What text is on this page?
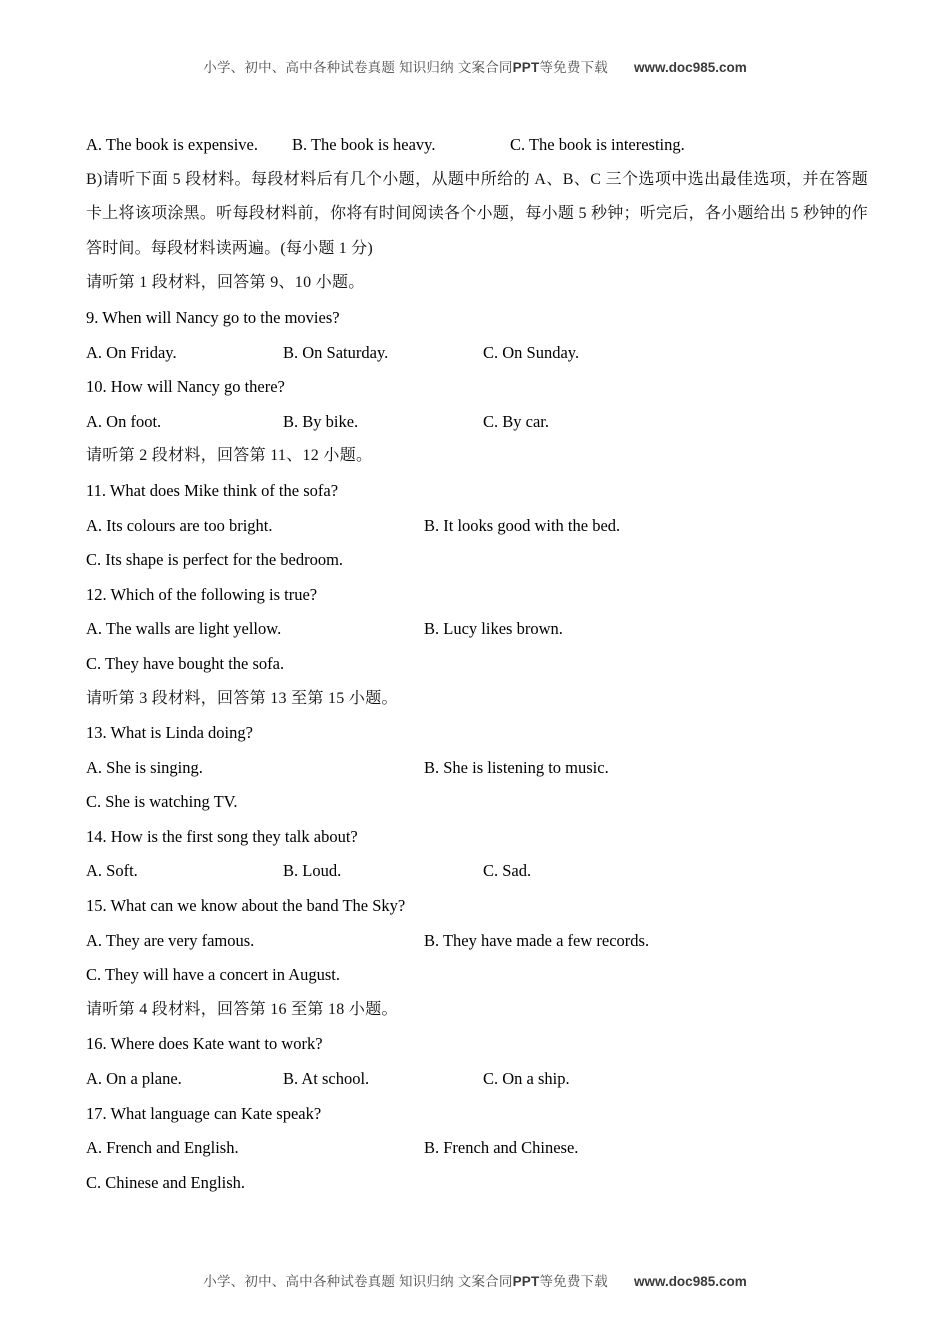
小学、初中、高中各种试卷真题 知识归纳 文案合同PPT等免费下载 www.doc985.com
A. The book is expensive. B. The book is heavy.	C. The book is interesting.
B)请听下面 5 段材料。每段材料后有几个小题，从题中所给的 A、B、C 三个选项中选出最佳选项，并在答题卡上将该项涂黑。听每段材料前，你将有时间阅读各个小题，每小题 5 秒钟；听完后，各小题给出 5 秒钟的作答时间。每段材料读两遍。(每小题 1 分)
请听第 1 段材料，回答第 9、10 小题。
9. When will Nancy go to the movies?
A. On Friday.	B. On Saturday.	C. On Sunday.
10. How will Nancy go there?
A. On foot.	B. By bike.	C. By car.
请听第 2 段材料，回答第 11、12 小题。
11. What does Mike think of the sofa?
A. Its colours are too bright.	B. It looks good with the bed.
C. Its shape is perfect for the bedroom.
12. Which of the following is true?
A. The walls are light yellow.	B. Lucy likes brown.
C. They have bought the sofa.
请听第 3 段材料，回答第 13 至第 15 小题。
13. What is Linda doing?
A. She is singing.	B. She is listening to music.
C. She is watching TV.
14. How is the first song they talk about?
A. Soft.	B. Loud.	C. Sad.
15. What can we know about the band The Sky?
A. They are very famous.	B. They have made a few records.
C. They will have a concert in August.
请听第 4 段材料，回答第 16 至第 18 小题。
16. Where does Kate want to work?
A. On a plane.	B. At school.	C. On a ship.
17. What language can Kate speak?
A. French and English.	B. French and Chinese.
C. Chinese and English.
小学、初中、高中各种试卷真题 知识归纳 文案合同PPT等免费下载 www.doc985.com
